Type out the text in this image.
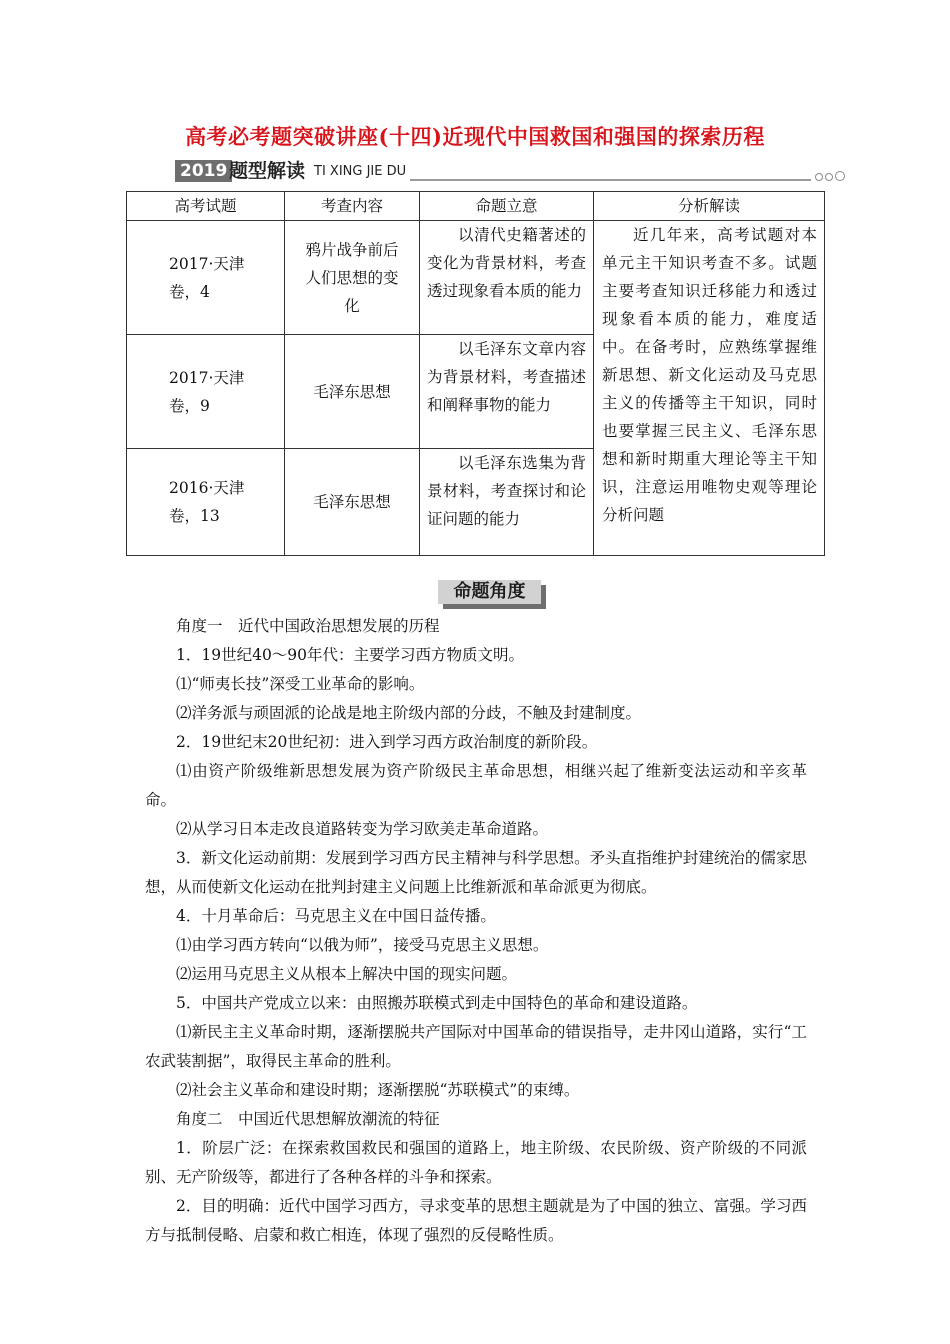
高考必考题突破讲座(十四)近现代中国救国和强国的探索历程
2019 题型解读 TI XING JIE DU
高考试题	考查内容	命题立意	分析解读
2017·天津卷，4	鸦片战争前后人们思想的变化	以清代史籍著述的变化为背景材料，考查透过现象看本质的能力	近几年来，高考试题对本单元主干知识考查不多。试题主要考查知识迁移能力和透过现象看本质的能力，难度适中。在备考时，应熟练掌握维新思想、新文化运动及马克思主义的传播等主干知识，同时也要掌握三民主义、毛泽东思想和新时期重大理论等主干知识，注意运用唯物史观等理论分析问题
2017·天津卷，9	毛泽东思想	以毛泽东文章内容为背景材料，考查描述和阐释事物的能力	

2016·天津卷，13	毛泽东思想	以毛泽东选集为背景材料，考查探讨和论证问题的能力	
命题角度

角度一　近代中国政治思想发展的历程

1．19世纪40～90年代：主要学习西方物质文明。

⑴“师夷长技”深受工业革命的影响。

⑵洋务派与顽固派的论战是地主阶级内部的分歧，不触及封建制度。

2．19世纪末20世纪初：进入到学习西方政治制度的新阶段。

⑴由资产阶级维新思想发展为资产阶级民主革命思想，相继兴起了维新变法运动和辛亥革命。

⑵从学习日本走改良道路转变为学习欧美走革命道路。

3．新文化运动前期：发展到学习西方民主精神与科学思想。矛头直指维护封建统治的儒家思想，从而使新文化运动在批判封建主义问题上比维新派和革命派更为彻底。

4．十月革命后：马克思主义在中国日益传播。

⑴由学习西方转向“以俄为师”，接受马克思主义思想。

⑵运用马克思主义从根本上解决中国的现实问题。

5．中国共产党成立以来：由照搬苏联模式到走中国特色的革命和建设道路。

⑴新民主主义革命时期，逐渐摆脱共产国际对中国革命的错误指导，走井冈山道路，实行“工农武装割据”，取得民主革命的胜利。

⑵社会主义革命和建设时期；逐渐摆脱“苏联模式”的束缚。

角度二　中国近代思想解放潮流的特征

1．阶层广泛：在探索救国救民和强国的道路上，地主阶级、农民阶级、资产阶级的不同派别、无产阶级等，都进行了各种各样的斗争和探索。

2．目的明确：近代中国学习西方，寻求变革的思想主题就是为了中国的独立、富强。学习西方与抵制侵略、启蒙和救亡相连，体现了强烈的反侵略性质。
